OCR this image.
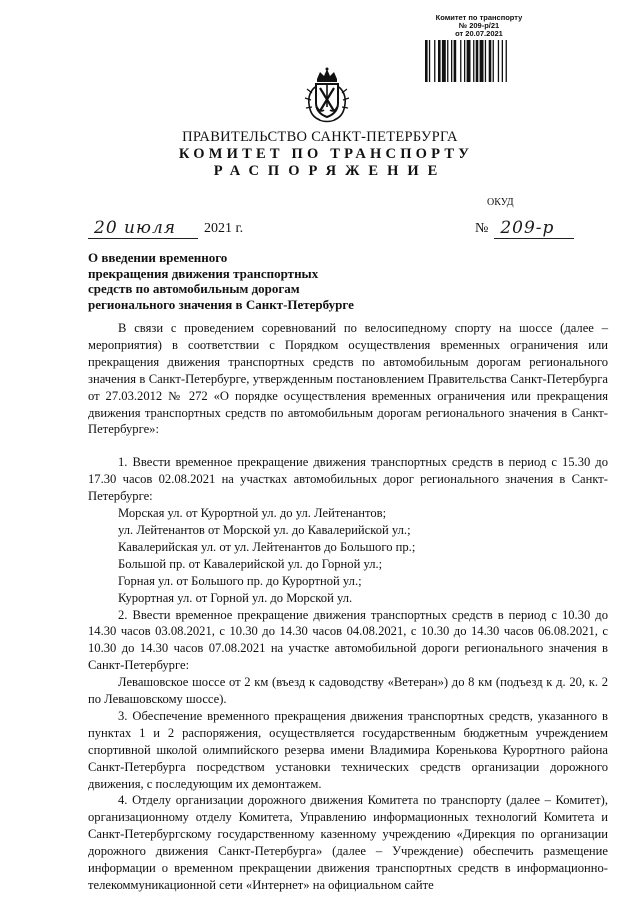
Комитет по транспорту
№ 209-р/21
от 20.07.2021
ПРАВИТЕЛЬСТВО САНКТ-ПЕТЕРБУРГА
КОМИТЕТ ПО ТРАНСПОРТУ
РАСПОРЯЖЕНИЕ
ОКУД
20 июля	2021 г.	№ 209-р
О введении временного
прекращения движения транспортных
средств по автомобильным дорогам
регионального значения в Санкт-Петербурге

В связи с проведением соревнований по велосипедному спорту на шоссе (далее – мероприятия) в соответствии с Порядком осуществления временных ограничения или прекращения движения транспортных средств по автомобильным дорогам регионального значения в Санкт-Петербурге, утвержденным постановлением Правительства Санкт-Петербурга от 27.03.2012 № 272 «О порядке осуществления временных ограничения или прекращения движения транспортных средств по автомобильным дорогам регионального значения в Санкт-Петербурге»:

1. Ввести временное прекращение движения транспортных средств в период с 15.30 до 17.30 часов 02.08.2021 на участках автомобильных дорог регионального значения в Санкт-Петербурге:

Морская ул. от Курортной ул. до ул. Лейтенантов;

ул. Лейтенантов от Морской ул. до Кавалерийской ул.;

Кавалерийская ул. от ул. Лейтенантов до Большого пр.;

Большой пр. от Кавалерийской ул. до Горной ул.;

Горная ул. от Большого пр. до Курортной ул.;

Курортная ул. от Горной ул. до Морской ул.

2. Ввести временное прекращение движения транспортных средств в период с 10.30 до 14.30 часов 03.08.2021, с 10.30 до 14.30 часов 04.08.2021, с 10.30 до 14.30 часов 06.08.2021, с 10.30 до 14.30 часов 07.08.2021 на участке автомобильной дороги регионального значения в Санкт-Петербурге:

Левашовское шоссе от 2 км (въезд к садоводству «Ветеран») до 8 км (подъезд к д. 20, к. 2 по Левашовскому шоссе).

3. Обеспечение временного прекращения движения транспортных средств, указанного в пунктах 1 и 2 распоряжения, осуществляется государственным бюджетным учреждением спортивной школой олимпийского резерва имени Владимира Коренькова Курортного района Санкт-Петербурга посредством установки технических средств организации дорожного движения, с последующим их демонтажем.

4. Отделу организации дорожного движения Комитета по транспорту (далее – Комитет), организационному отделу Комитета, Управлению информационных технологий Комитета и Санкт-Петербургскому государственному казенному учреждению «Дирекция по организации дорожного движения Санкт-Петербурга» (далее – Учреждение) обеспечить размещение информации о временном прекращении движения транспортных средств в информационно-телекоммуникационной сети «Интернет» на официальном сайте
